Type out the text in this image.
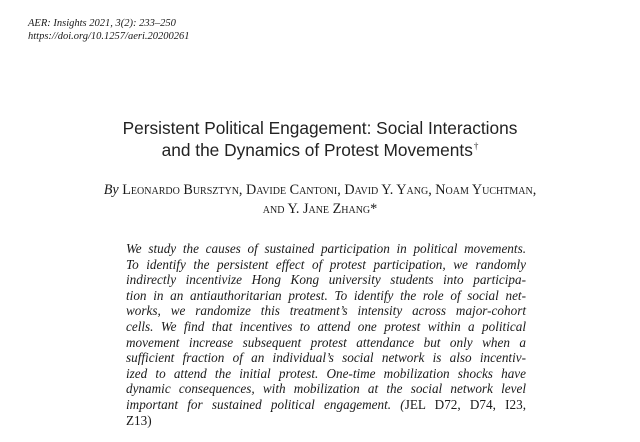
AER: Insights 2021, 3(2): 233–250
https://doi.org/10.1257/aeri.20200261
Persistent Political Engagement: Social Interactions
and the Dynamics of Protest Movements†
By Leonardo Bursztyn, Davide Cantoni, David Y. Yang, Noam Yuchtman,
and Y. Jane Zhang*
We study the causes of sustained participation in political movements.
To identify the persistent effect of protest participation, we randomly
indirectly incentivize Hong Kong university students into participa-
tion in an antiauthoritarian protest. To identify the role of social net-
works, we randomize this treatment’s intensity across major-cohort
cells. We find that incentives to attend one protest within a political
movement increase subsequent protest attendance but only when a
sufficient fraction of an individual’s social network is also incentiv-
ized to attend the initial protest. One-time mobilization shocks have
dynamic consequences, with mobilization at the social network level
important for sustained political engagement. (JEL D72, D74, I23,
Z13)
